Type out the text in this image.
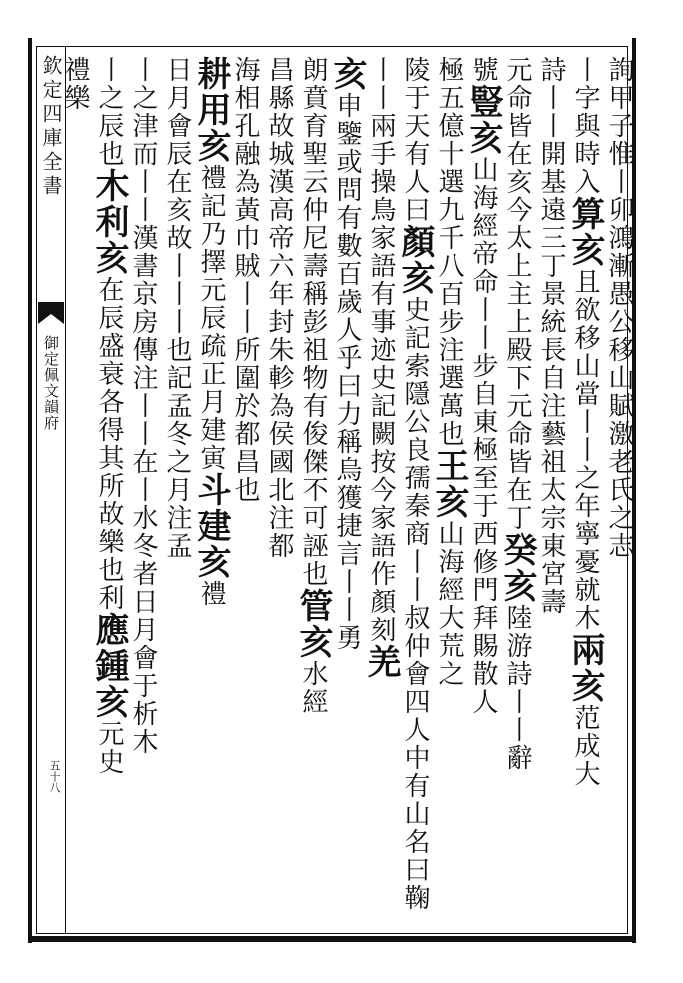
欽定四庫全書
御定佩文韻府
五十八
詢甲子惟丨卯鴻漸愚公移山賦激老氏之志
丨字與時入算亥且欲移山當丨丨之年寧憂就木兩亥范成大
詩丨丨開基遠三丁景統長自注藝祖太宗東宮壽
元命皆在亥今太上主上殿下元命皆在丁癸亥陸游詩丨丨辭
號豎亥山海經帝命丨丨步自東極至于西修門拜賜散人
極五億十選九千八百步注選萬也王亥山海經大荒之
陵于天有人曰顏亥史記索隱公良孺秦商丨丨叔仲會四人中有山名曰鞠
丨丨兩手操鳥家語有事迹史記闕按今家語作顏刻羌
亥申鑒或問有數百歲人乎曰力稱烏獲捷言丨丨勇
朗賁育聖云仲尼壽稱彭祖物有俊傑不可誣也管亥水經
昌縣故城漢高帝六年封朱軫為侯國北注都
海相孔融為黃巾賊丨丨所圍於都昌也
耕用亥禮記乃擇元辰疏正月建寅斗建亥禮
日月會辰在亥故丨丨丨也記孟冬之月注孟
丨之津而丨丨漢書京房傳注丨丨在丨水冬者日月會于析木
丨之辰也木利亥在辰盛衰各得其所故樂也利應鍾亥元史
禮樂
